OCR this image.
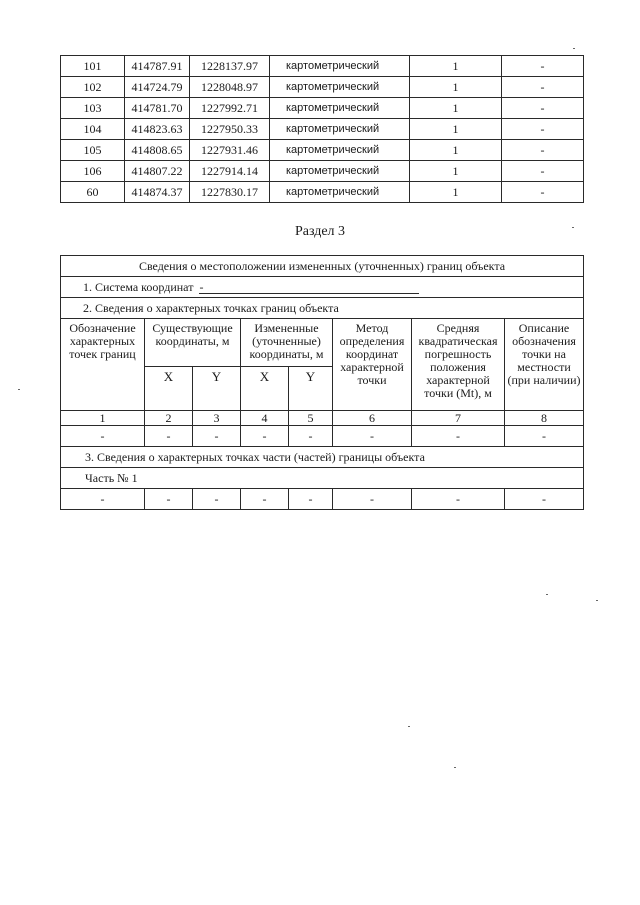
101	414787.91	1228137.97	картометрический	1	-
102	414724.79	1228048.97	картометрический	1	-
103	414781.70	1227992.71	картометрический	1	-
104	414823.63	1227950.33	картометрический	1	-
105	414808.65	1227931.46	картометрический	1	-
106	414807.22	1227914.14	картометрический	1	-
60	414874.37	1227830.17	картометрический	1	-
Раздел 3
Сведения о местоположении измененных (уточненных) границ объекта							
1. Система координат -							
2. Сведения о характерных точках границ объекта							
Обозначение характерных точек границ	Существующие координаты, м		Измененные (уточненные) координаты, м		Метод определения координат характерной точки	Средняя квадратическая погрешность положения характерной точки (Mt), м	Описание обозначения точки на местности (при наличии)
	X	Y	X	Y			
1	2	3	4	5	6	7	8
-	-	-	-	-	-	-	-
3. Сведения о характерных точках части (частей) границы объекта							
Часть № 1							
-	-	-	-	-	-	-	-
